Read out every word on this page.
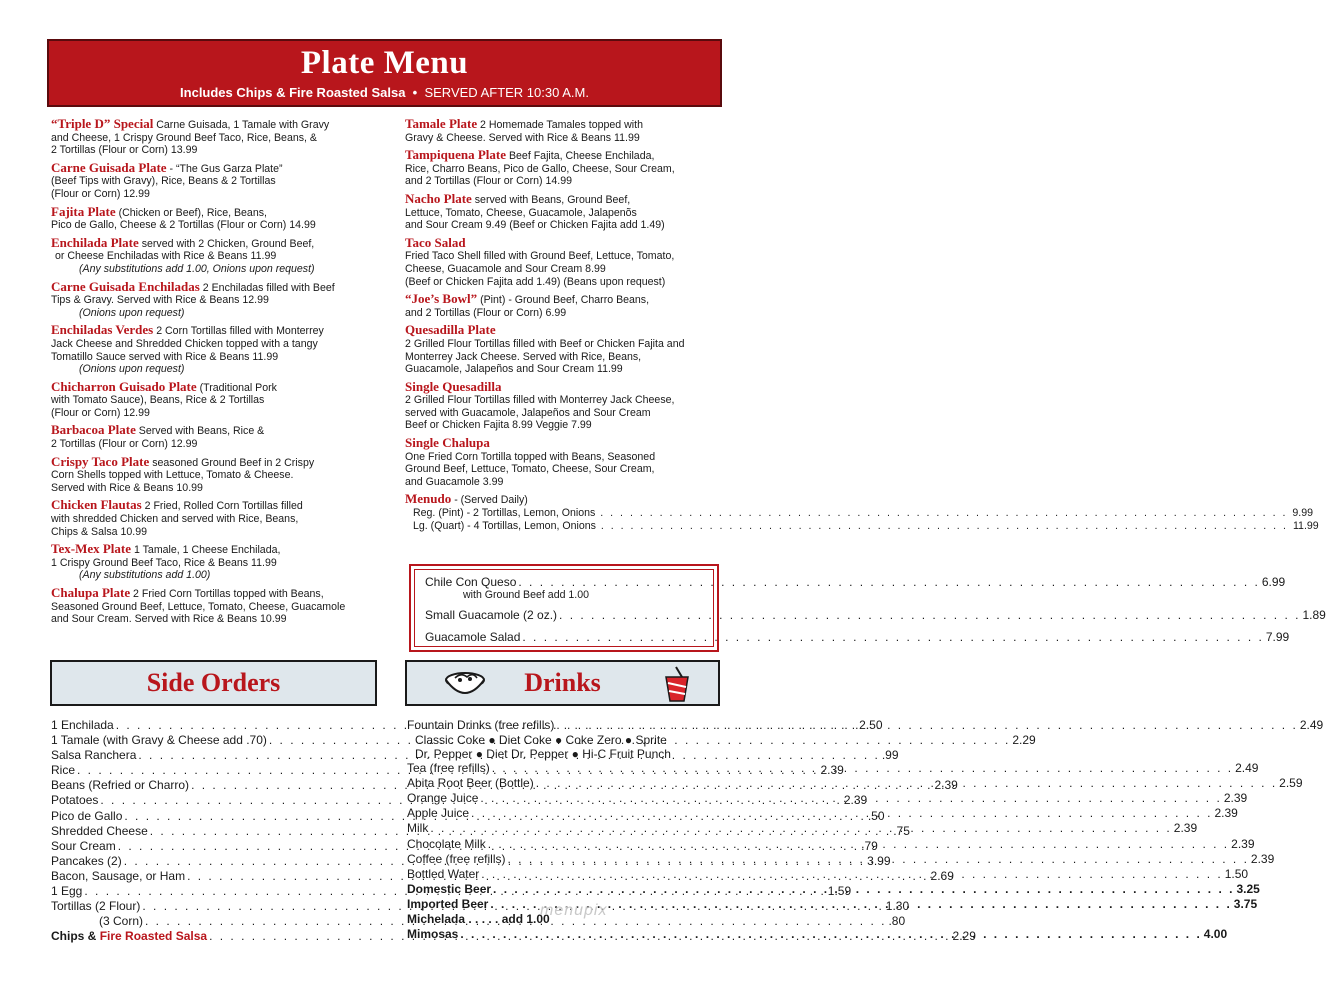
Plate Menu
Includes Chips & Fire Roasted Salsa • SERVED AFTER 10:30 A.M.
“Triple D” Special Carne Guisada, 1 Tamale with Gravy
and Cheese, 1 Crispy Ground Beef Taco, Rice, Beans, &
2 Tortillas (Flour or Corn) 13.99
Carne Guisada Plate - “The Gus Garza Plate”
(Beef Tips with Gravy), Rice, Beans & 2 Tortillas
(Flour or Corn) 12.99
Fajita Plate (Chicken or Beef), Rice, Beans,
Pico de Gallo, Cheese & 2 Tortillas (Flour or Corn) 14.99
Enchilada Plate served with 2 Chicken, Ground Beef,
or Cheese Enchiladas with Rice & Beans 11.99
(Any substitutions add 1.00, Onions upon request)
Carne Guisada Enchiladas 2 Enchiladas filled with Beef
Tips & Gravy. Served with Rice & Beans 12.99
(Onions upon request)
Enchiladas Verdes 2 Corn Tortillas filled with Monterrey
Jack Cheese and Shredded Chicken topped with a tangy
Tomatillo Sauce served with Rice & Beans 11.99
(Onions upon request)
Chicharron Guisado Plate (Traditional Pork
with Tomato Sauce), Beans, Rice & 2 Tortillas
(Flour or Corn) 12.99
Barbacoa Plate Served with Beans, Rice &
2 Tortillas (Flour or Corn) 12.99
Crispy Taco Plate seasoned Ground Beef in 2 Crispy
Corn Shells topped with Lettuce, Tomato & Cheese.
Served with Rice & Beans 10.99
Chicken Flautas 2 Fried, Rolled Corn Tortillas filled
with shredded Chicken and served with Rice, Beans,
Chips & Salsa 10.99
Tex-Mex Plate 1 Tamale, 1 Cheese Enchilada,
1 Crispy Ground Beef Taco, Rice & Beans 11.99
(Any substitutions add 1.00)
Chalupa Plate 2 Fried Corn Tortillas topped with Beans,
Seasoned Ground Beef, Lettuce, Tomato, Cheese, Guacamole
and Sour Cream. Served with Rice & Beans 10.99
Tamale Plate 2 Homemade Tamales topped with
Gravy & Cheese. Served with Rice & Beans 11.99
Tampiquena Plate Beef Fajita, Cheese Enchilada,
Rice, Charro Beans, Pico de Gallo, Cheese, Sour Cream,
and 2 Tortillas (Flour or Corn) 14.99
Nacho Plate served with Beans, Ground Beef,
Lettuce, Tomato, Cheese, Guacamole, Jalapenõs
and Sour Cream 9.49 (Beef or Chicken Fajita add 1.49)
Taco Salad
Fried Taco Shell filled with Ground Beef, Lettuce, Tomato,
Cheese, Guacamole and Sour Cream 8.99
(Beef or Chicken Fajita add 1.49) (Beans upon request)
“Joe’s Bowl” (Pint) - Ground Beef, Charro Beans,
and 2 Tortillas (Flour or Corn) 6.99
Quesadilla Plate
2 Grilled Flour Tortillas filled with Beef or Chicken Fajita and
Monterrey Jack Cheese. Served with Rice, Beans,
Guacamole, Jalapeños and Sour Cream 11.99
Single Quesadilla
2 Grilled Flour Tortillas filled with Monterrey Jack Cheese,
served with Guacamole, Jalapeños and Sour Cream
Beef or Chicken Fajita 8.99 Veggie 7.99
Single Chalupa
One Fried Corn Tortilla topped with Beans, Seasoned
Ground Beef, Lettuce, Tomato, Cheese, Sour Cream,
and Guacamole 3.99
Menudo - (Served Daily)
Reg. (Pint) - 2 Tortillas, Lemon, Onions . . .	9.99
Lg. (Quart) - 4 Tortillas, Lemon, Onions . . .	11.99
Chile Con Queso . . .	6.99
with Ground Beef add 1.00
Small Guacamole (2 oz.) . . .	1.89
Guacamole Salad . . .	7.99
Side Orders	Drinks
1 Enchilada . . .	2.50
1 Tamale (with Gravy & Cheese add .70) . . .	2.29
Salsa Ranchera . . .	.99
Rice . . .	2.39
Beans (Refried or Charro) . . .	2.39
Potatoes . . .	2.39
Pico de Gallo . . .	.50
Shredded Cheese . . .	.75
Sour Cream . . .	.79
Pancakes (2) . . .	3.99
Bacon, Sausage, or Ham . . .	2.69
1 Egg . . .	1.59
Tortillas (2 Flour) . . .	1.30
(3 Corn) . . .	.80
Chips & Fire Roasted Salsa . . .	2.29
Fountain Drinks (free refills) . . .	2.49
Classic Coke ● Diet Coke ● Coke Zero ● Sprite
Dr. Pepper ● Diet Dr. Pepper ● Hi-C Fruit Punch
Tea (free refills) . . .	2.49
Abita Root Beer (Bottle) . . .	2.59
Orange Juice . . .	2.39
Apple Juice . . .	2.39
Milk . . .	2.39
Chocolate Milk . . .	2.39
Coffee (free refills) . . .	2.39
Bottled Water . . .	1.50
Domestic Beer . . .	3.25
Imported Beer . . .	3.75
Michelada . . . . . add 1.00
Mimosas . . .	4.00
menupix
